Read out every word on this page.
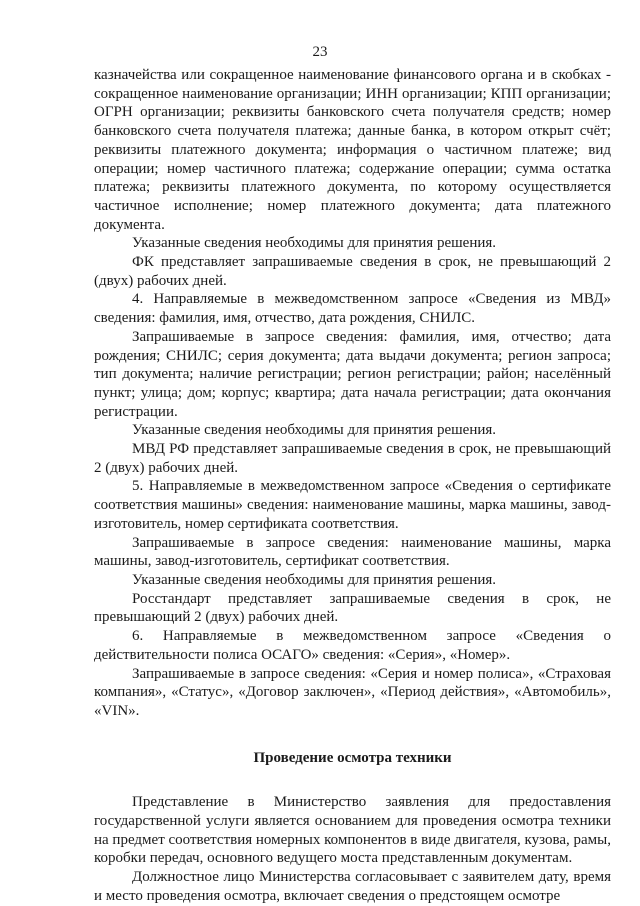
23

казначейства или сокращенное наименование финансового органа и в скобках - сокращенное наименование организации; ИНН организации; КПП организации; ОГРН организации; реквизиты банковского счета получателя средств; номер банковского счета получателя платежа; данные банка, в котором открыт счёт; реквизиты платежного документа; информация о частичном платеже; вид операции; номер частичного платежа; содержание операции; сумма остатка платежа; реквизиты платежного документа, по которому осуществляется частичное исполнение; номер платежного документа; дата платежного документа.

Указанные сведения необходимы для принятия решения.

ФК представляет запрашиваемые сведения в срок, не превышающий 2 (двух) рабочих дней.

4. Направляемые в межведомственном запросе «Сведения из МВД» сведения: фамилия, имя, отчество, дата рождения, СНИЛС.

Запрашиваемые в запросе сведения: фамилия, имя, отчество; дата рождения; СНИЛС; серия документа; дата выдачи документа; регион запроса; тип документа; наличие регистрации; регион регистрации; район; населённый пункт; улица; дом; корпус; квартира; дата начала регистрации; дата окончания регистрации.

Указанные сведения необходимы для принятия решения.

МВД РФ представляет запрашиваемые сведения в срок, не превышающий 2 (двух) рабочих дней.

5. Направляемые в межведомственном запросе «Сведения о сертификате соответствия машины» сведения: наименование машины, марка машины, завод-изготовитель, номер сертификата соответствия.

Запрашиваемые в запросе сведения: наименование машины, марка машины, завод-изготовитель, сертификат соответствия.

Указанные сведения необходимы для принятия решения.

Росстандарт представляет запрашиваемые сведения в срок, не превышающий 2 (двух) рабочих дней.

6. Направляемые в межведомственном запросе «Сведения о действительности полиса ОСАГО» сведения: «Серия», «Номер».

Запрашиваемые в запросе сведения: «Серия и номер полиса», «Страховая компания», «Статус», «Договор заключен», «Период действия», «Автомобиль», «VIN».

Проведение осмотра техники

Представление в Министерство заявления для предоставления государственной услуги является основанием для проведения осмотра техники на предмет соответствия номерных компонентов в виде двигателя, кузова, рамы, коробки передач, основного ведущего моста представленным документам.

Должностное лицо Министерства согласовывает с заявителем дату, время и место проведения осмотра, включает сведения о предстоящем осмотре
